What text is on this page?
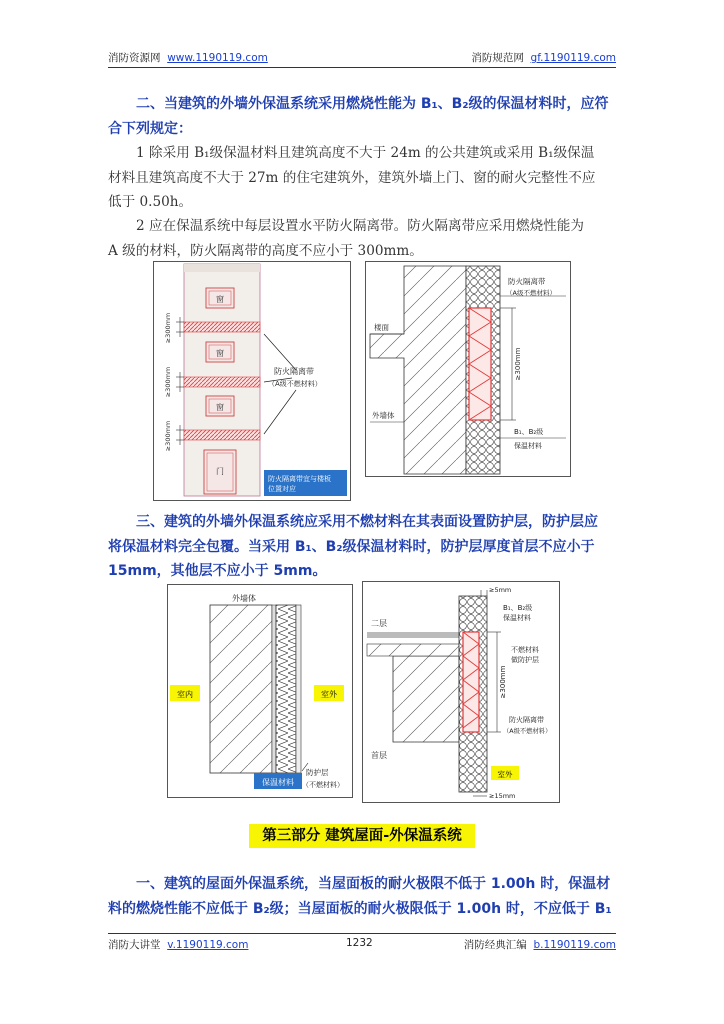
消防资源网 www.1190119.com	消防规范网 gf.1190119.com
二、当建筑的外墙外保温系统采用燃烧性能为 B₁、B₂级的保温材料时，应符
合下列规定：
1 除采用 B₁级保温材料且建筑高度不大于 24m 的公共建筑或采用 B₁级保温
材料且建筑高度不大于 27m 的住宅建筑外，建筑外墙上门、窗的耐火完整性不应
低于 0.50h。
2 应在保温系统中每层设置水平防火隔离带。防火隔离带应采用燃烧性能为
A 级的材料，防火隔离带的高度不应小于 300mm。
窗
窗
窗
门
≥300mm
≥300mm
≥300mm
防火隔离带
（A级不燃材料）
防火隔离带宜与楼板
位置对应
≥300mm
防火隔离带
（A级不燃材料）
楼面
外墙体
B₁、B₂级
保温材料
三、建筑的外墙外保温系统应采用不燃材料在其表面设置防护层，防护层应
将保温材料完全包覆。当采用 B₁、B₂级保温材料时，防护层厚度首层不应小于
15mm，其他层不应小于 5mm。
外墙体
室内	室外
保温材料
防护层
（不燃材料）
≥5mm
二层
B₁、B₂级
保温材料
不燃材料
做防护层
≥300mm
首层
防火隔离带
（A级不燃材料）
室外
≥15mm
第三部分 建筑屋面-外保温系统
一、建筑的屋面外保温系统，当屋面板的耐火极限不低于 1.00h 时，保温材
料的燃烧性能不应低于 B₂级；当屋面板的耐火极限低于 1.00h 时，不应低于 B₁
消防大讲堂 v.1190119.com	1232	消防经典汇编 b.1190119.com
